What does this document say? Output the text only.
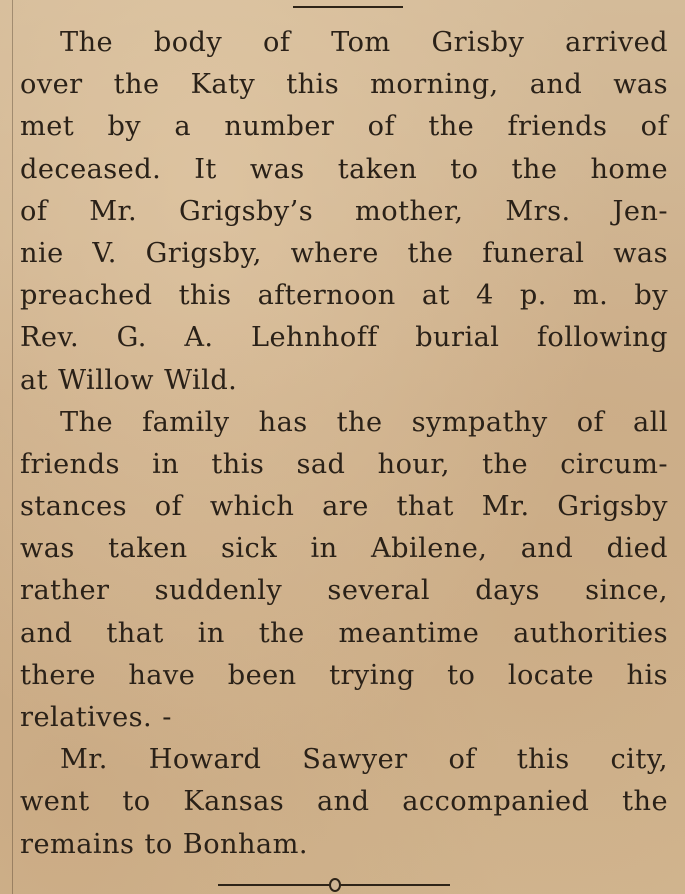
The body of Tom Grisby arrived
over the Katy this morning, and was
met by a number of the friends of
deceased. It was taken to the home
of Mr. Grigsby’s mother, Mrs. Jen-
nie V. Grigsby, where the funeral was
preached this afternoon at 4 p. m. by
Rev. G. A. Lehnhoff burial following
at Willow Wild.
The family has the sympathy of all
friends in this sad hour, the circum-
stances of which are that Mr. Grigsby
was taken sick in Abilene, and died
rather suddenly several days since,
and that in the meantime authorities
there have been trying to locate his
relatives. -
Mr. Howard Sawyer of this city,
went to Kansas and accompanied the
remains to Bonham.
